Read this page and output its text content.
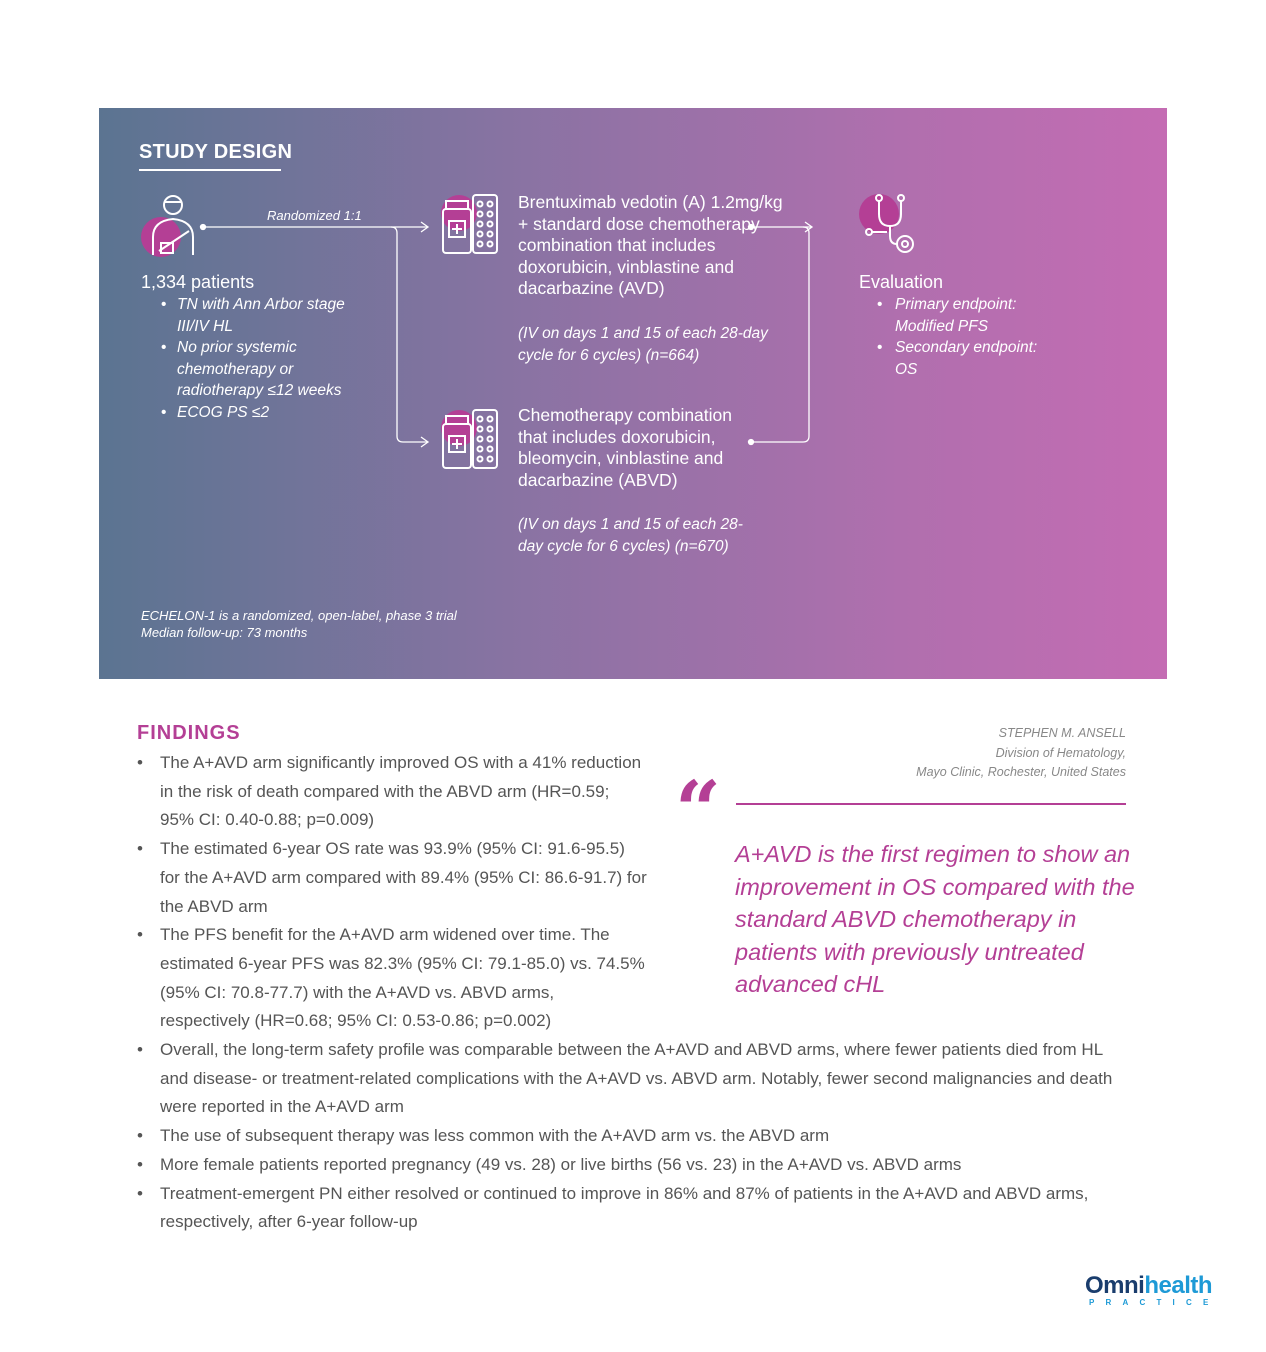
STUDY DESIGN
Randomized 1:1
1,334 patients
• TN with Ann Arbor stage III/IV HL
• No prior systemic chemotherapy or radiotherapy ≤12 weeks
• ECOG PS ≤2
Brentuximab vedotin (A) 1.2mg/kg + standard dose chemotherapy combination that includes doxorubicin, vinblastine and dacarbazine (AVD)
(IV on days 1 and 15 of each 28-day cycle for 6 cycles) (n=664)
Chemotherapy combination that includes doxorubicin, bleomycin, vinblastine and dacarbazine (ABVD)
(IV on days 1 and 15 of each 28-day cycle for 6 cycles) (n=670)
Evaluation
• Primary endpoint: Modified PFS
• Secondary endpoint: OS
ECHELON-1 is a randomized, open-label, phase 3 trial
Median follow-up: 73 months
FINDINGS
• The A+AVD arm significantly improved OS with a 41% reduction in the risk of death compared with the ABVD arm (HR=0.59; 95% CI: 0.40-0.88; p=0.009)
• The estimated 6-year OS rate was 93.9% (95% CI: 91.6-95.5) for the A+AVD arm compared with 89.4% (95% CI: 86.6-91.7) for the ABVD arm
• The PFS benefit for the A+AVD arm widened over time. The estimated 6-year PFS was 82.3% (95% CI: 79.1-85.0) vs. 74.5% (95% CI: 70.8-77.7) with the A+AVD vs. ABVD arms, respectively (HR=0.68; 95% CI: 0.53-0.86; p=0.002)
• Overall, the long-term safety profile was comparable between the A+AVD and ABVD arms, where fewer patients died from HL and disease- or treatment-related complications with the A+AVD vs. ABVD arm. Notably, fewer second malignancies and death were reported in the A+AVD arm
• The use of subsequent therapy was less common with the A+AVD arm vs. the ABVD arm
• More female patients reported pregnancy (49 vs. 28) or live births (56 vs. 23) in the A+AVD vs. ABVD arms
• Treatment-emergent PN either resolved or continued to improve in 86% and 87% of patients in the A+AVD and ABVD arms, respectively, after 6-year follow-up
STEPHEN M. ANSELL
Division of Hematology,
Mayo Clinic, Rochester, United States
“ A+AVD is the first regimen to show an improvement in OS compared with the standard ABVD chemotherapy in patients with previously untreated advanced cHL
Omnihealth
PRACTICE
